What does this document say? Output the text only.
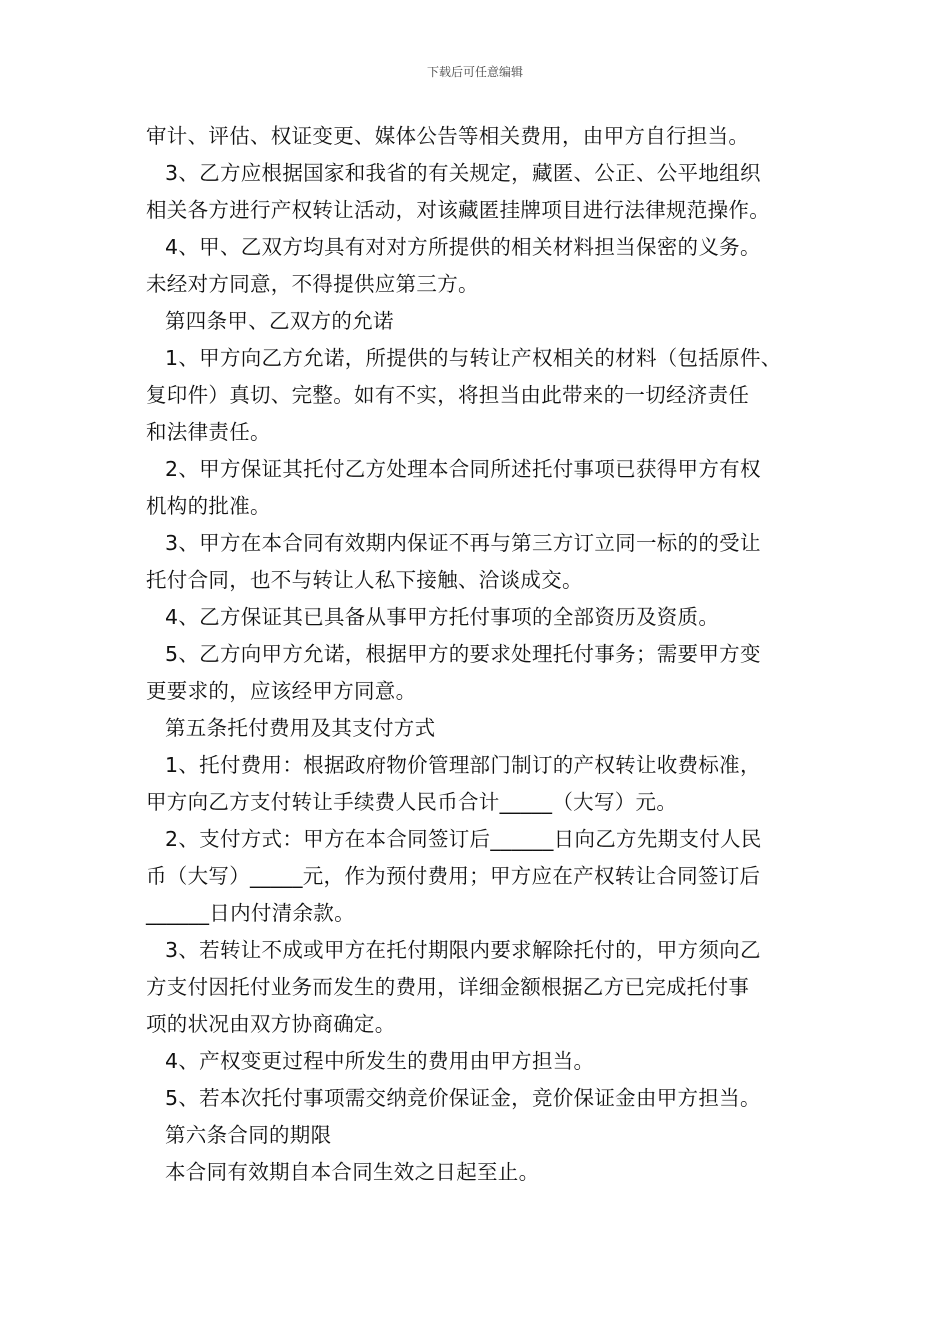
下载后可任意编辑
审计、评估、权证变更、媒体公告等相关费用，由甲方自行担当。
3、乙方应根据国家和我省的有关规定，藏匿、公正、公平地组织
相关各方进行产权转让活动，对该藏匿挂牌项目进行法律规范操作。
4、甲、乙双方均具有对对方所提供的相关材料担当保密的义务。
未经对方同意，不得提供应第三方。
第四条甲、乙双方的允诺
1、甲方向乙方允诺，所提供的与转让产权相关的材料（包括原件、
复印件）真切、完整。如有不实，将担当由此带来的一切经济责任
和法律责任。
2、甲方保证其托付乙方处理本合同所述托付事项已获得甲方有权
机构的批准。
3、甲方在本合同有效期内保证不再与第三方订立同一标的的受让
托付合同，也不与转让人私下接触、洽谈成交。
4、乙方保证其已具备从事甲方托付事项的全部资历及资质。
5、乙方向甲方允诺，根据甲方的要求处理托付事务；需要甲方变
更要求的，应该经甲方同意。
第五条托付费用及其支付方式
1、托付费用：根据政府物价管理部门制订的产权转让收费标准，
甲方向乙方支付转让手续费人民币合计_____（大写）元。
2、支付方式：甲方在本合同签订后______日向乙方先期支付人民
币（大写）_____元，作为预付费用；甲方应在产权转让合同签订后
______日内付清余款。
3、若转让不成或甲方在托付期限内要求解除托付的，甲方须向乙
方支付因托付业务而发生的费用，详细金额根据乙方已完成托付事
项的状况由双方协商确定。
4、产权变更过程中所发生的费用由甲方担当。
5、若本次托付事项需交纳竞价保证金，竞价保证金由甲方担当。
第六条合同的期限
本合同有效期自本合同生效之日起至止。
